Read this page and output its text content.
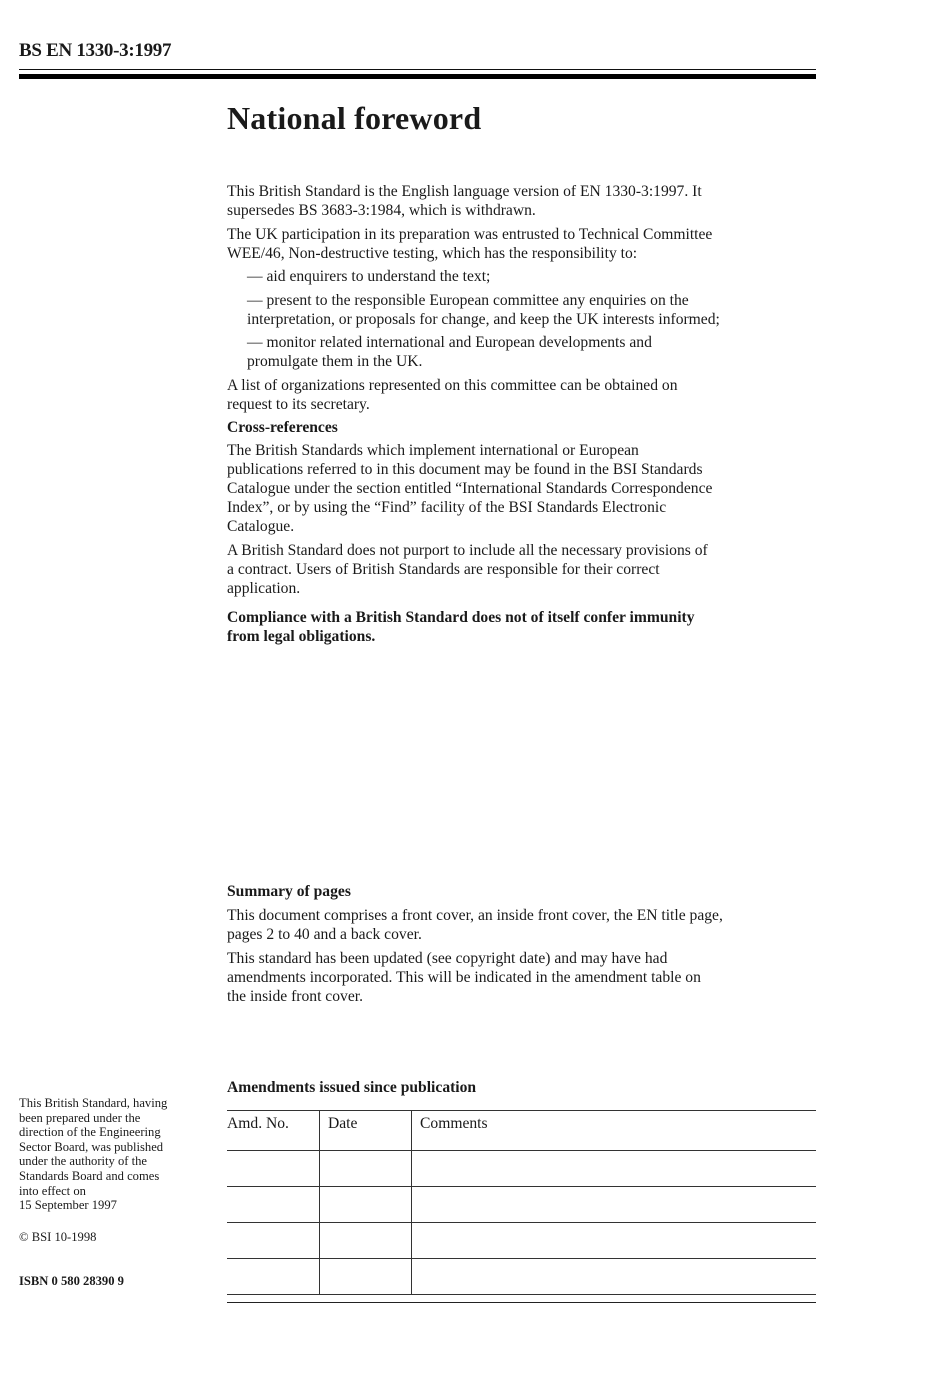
BS EN 1330-3:1997
National foreword
This British Standard is the English language version of EN 1330-3:1997. It
supersedes BS 3683-3:1984, which is withdrawn.
The UK participation in its preparation was entrusted to Technical Committee
WEE/46, Non-destructive testing, which has the responsibility to:
— aid enquirers to understand the text;
— present to the responsible European committee any enquiries on the
interpretation, or proposals for change, and keep the UK interests informed;
— monitor related international and European developments and
promulgate them in the UK.
A list of organizations represented on this committee can be obtained on
request to its secretary.
Cross-references
The British Standards which implement international or European
publications referred to in this document may be found in the BSI Standards
Catalogue under the section entitled “International Standards Correspondence
Index”, or by using the “Find” facility of the BSI Standards Electronic
Catalogue.
A British Standard does not purport to include all the necessary provisions of
a contract. Users of British Standards are responsible for their correct
application.
Compliance with a British Standard does not of itself confer immunity
from legal obligations.
Summary of pages
This document comprises a front cover, an inside front cover, the EN title page,
pages 2 to 40 and a back cover.
This standard has been updated (see copyright date) and may have had
amendments incorporated. This will be indicated in the amendment table on
the inside front cover.
Amendments issued since publication
Amd. No.	Date	Comments

This British Standard, having
been prepared under the
direction of the Engineering
Sector Board, was published
under the authority of the
Standards Board and comes
into effect on
15 September 1997
© BSI 10-1998
ISBN 0 580 28390 9
